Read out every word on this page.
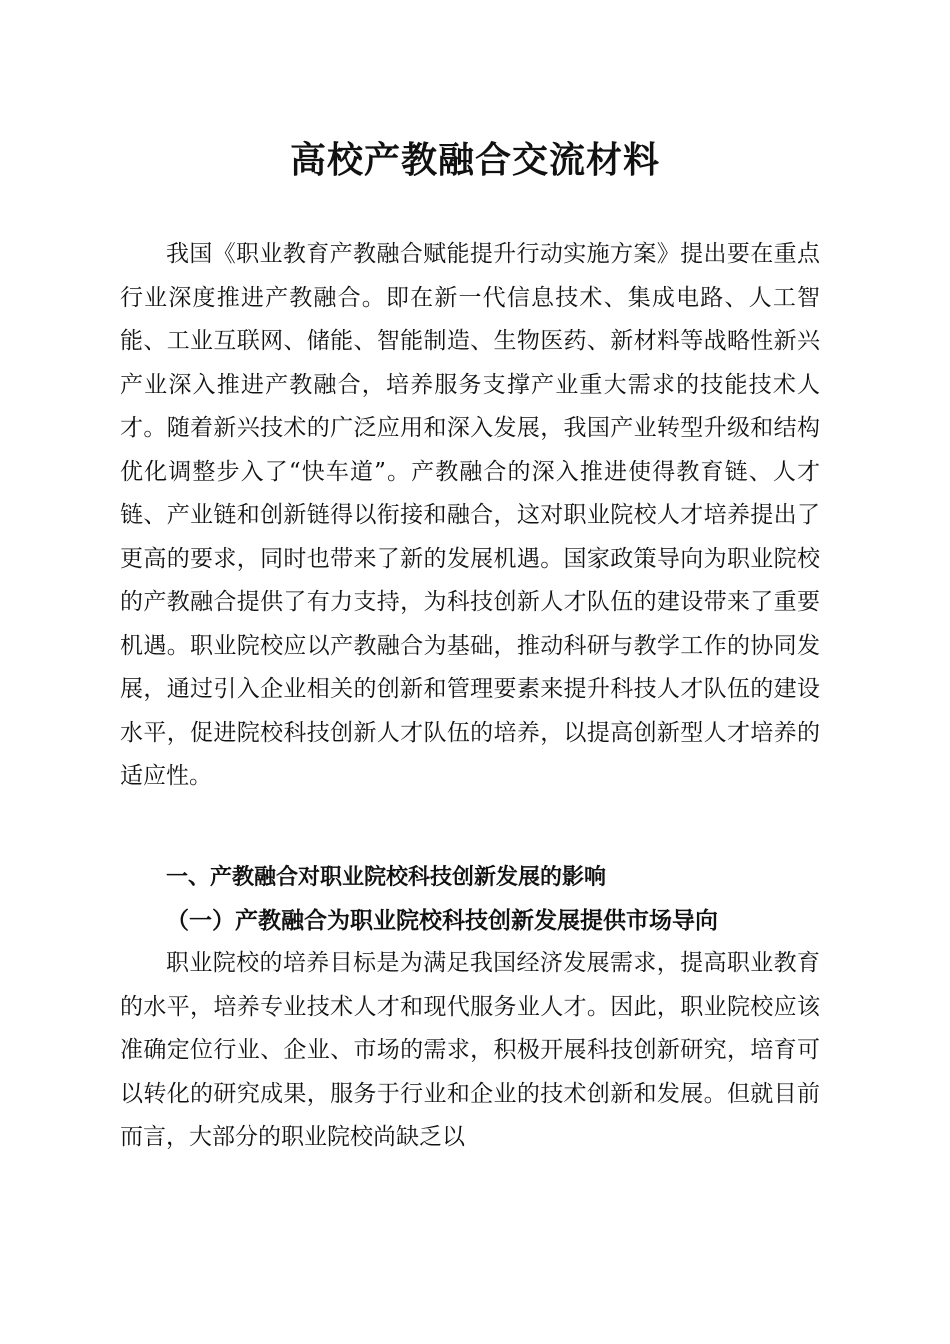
高校产教融合交流材料

我国《职业教育产教融合赋能提升行动实施方案》提出要在重点行业深度推进产教融合。即在新一代信息技术、集成电路、人工智能、工业互联网、储能、智能制造、生物医药、新材料等战略性新兴产业深入推进产教融合，培养服务支撑产业重大需求的技能技术人才。随着新兴技术的广泛应用和深入发展，我国产业转型升级和结构优化调整步入了“快车道”。产教融合的深入推进使得教育链、人才链、产业链和创新链得以衔接和融合，这对职业院校人才培养提出了更高的要求，同时也带来了新的发展机遇。国家政策导向为职业院校的产教融合提供了有力支持，为科技创新人才队伍的建设带来了重要机遇。职业院校应以产教融合为基础，推动科研与教学工作的协同发展，通过引入企业相关的创新和管理要素来提升科技人才队伍的建设水平，促进院校科技创新人才队伍的培养，以提高创新型人才培养的适应性。

一、产教融合对职业院校科技创新发展的影响
（一）产教融合为职业院校科技创新发展提供市场导向

职业院校的培养目标是为满足我国经济发展需求，提高职业教育的水平，培养专业技术人才和现代服务业人才。因此，职业院校应该准确定位行业、企业、市场的需求，积极开展科技创新研究，培育可以转化的研究成果，服务于行业和企业的技术创新和发展。但就目前而言，大部分的职业院校尚缺乏以
